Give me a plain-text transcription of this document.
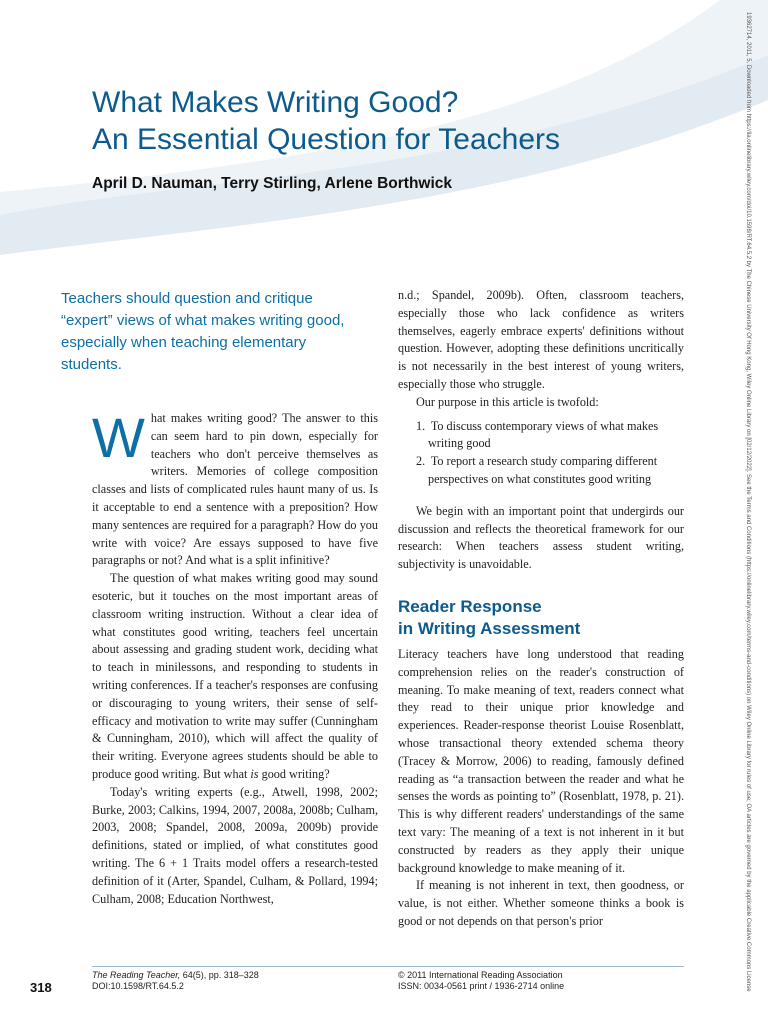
What Makes Writing Good?
An Essential Question for Teachers
April D. Nauman, Terry Stirling, Arlene Borthwick
Teachers should question and critique “expert” views of what makes writing good, especially when teaching elementary students.

What makes writing good? The answer to this can seem hard to pin down, especially for teachers who don't perceive themselves as writers. Memories of college composition classes and lists of complicated rules haunt many of us. Is it acceptable to end a sentence with a preposition? How many sentences are required for a paragraph? How do you write with voice? Are essays supposed to have five paragraphs or not? And what is a split infinitive?

The question of what makes writing good may sound esoteric, but it touches on the most important areas of classroom writing instruction. Without a clear idea of what constitutes good writing, teachers feel uncertain about assessing and grading student work, deciding what to teach in minilessons, and responding to students in writing conferences. If a teacher's responses are confusing or discouraging to young writers, their sense of self-efficacy and motivation to write may suffer (Cunningham & Cunningham, 2010), which will affect the quality of their writing. Everyone agrees students should be able to produce good writing. But what is good writing?

Today's writing experts (e.g., Atwell, 1998, 2002; Burke, 2003; Calkins, 1994, 2007, 2008a, 2008b; Culham, 2003, 2008; Spandel, 2008, 2009a, 2009b) provide definitions, stated or implied, of what constitutes good writing. The 6 + 1 Traits model offers a research-tested definition of it (Arter, Spandel, Culham, & Pollard, 1994; Culham, 2008; Education Northwest,

n.d.; Spandel, 2009b). Often, classroom teachers, especially those who lack confidence as writers themselves, eagerly embrace experts' definitions without question. However, adopting these definitions uncritically is not necessarily in the best interest of young writers, especially those who struggle.

Our purpose in this article is twofold:

1. To discuss contemporary views of what makes writing good
2. To report a research study comparing different perspectives on what constitutes good writing

We begin with an important point that undergirds our discussion and reflects the theoretical framework for our research: When teachers assess student writing, subjectivity is unavoidable.

Reader Response
in Writing Assessment

Literacy teachers have long understood that reading comprehension relies on the reader's construction of meaning. To make meaning of text, readers connect what they read to their unique prior knowledge and experiences. Reader-response theorist Louise Rosenblatt, whose transactional theory extended schema theory (Tracey & Morrow, 2006) to reading, famously defined reading as “a transaction between the reader and what he senses the words as pointing to” (Rosenblatt, 1978, p. 21). This is why different readers' understandings of the same text vary: The meaning of a text is not inherent in it but constructed by readers as they apply their unique background knowledge to make meaning of it.

If meaning is not inherent in text, then goodness, or value, is not either. Whether someone thinks a book is good or not depends on that person's prior

318
The Reading Teacher, 64(5), pp. 318–328
DOI:10.1598/RT.64.5.2
© 2011 International Reading Association
ISSN: 0034-0561 print / 1936-2714 online	19362714, 2011, 5, Downloaded from https://ila.onlinelibrary.wiley.com/doi/10.1598/RT.64.5.2 by The Chinese University Of Hong Kong, Wiley Online Library on [02/12/2022]. See the Terms and Conditions (https://onlinelibrary.wiley.com/terms-and-conditions) on Wiley Online Library for rules of use; OA articles are governed by the applicable Creative Commons License
